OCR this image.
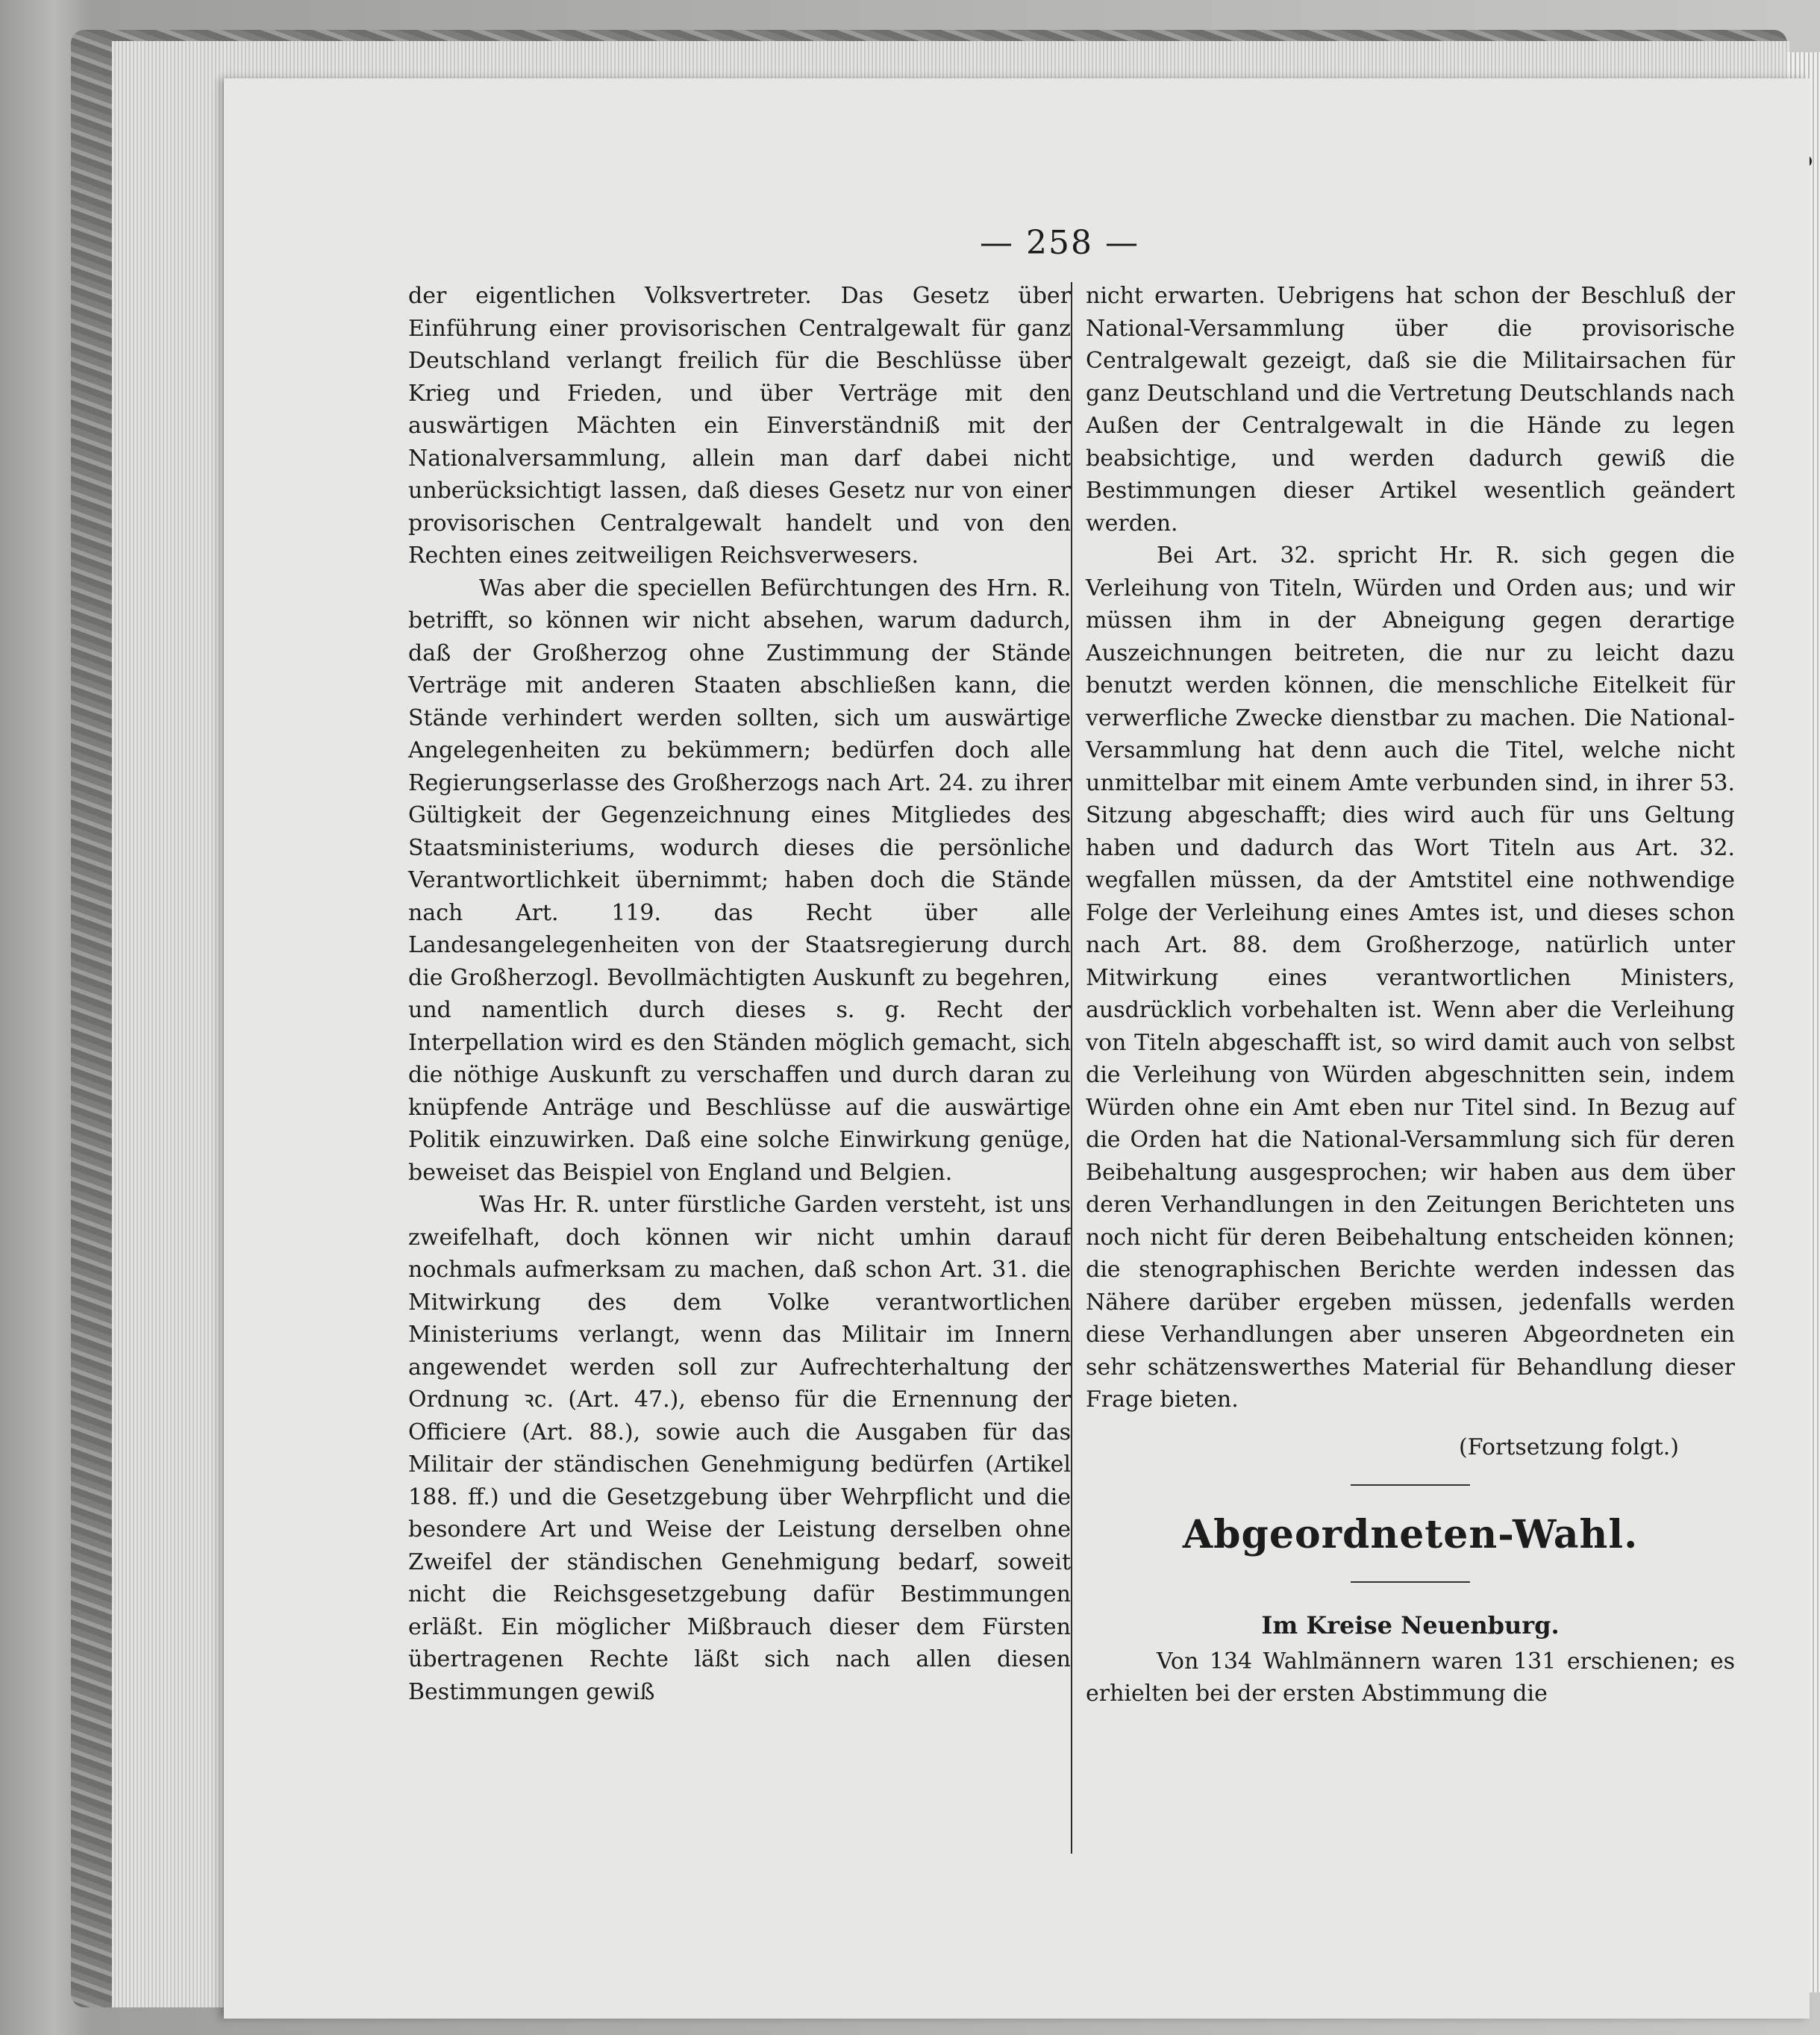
— 258 —

der eigentlichen Volksvertreter. Das Gesetz über Einführung einer provisorischen Centralgewalt für ganz Deutschland verlangt freilich für die Beschlüsse über Krieg und Frieden, und über Verträge mit den auswärtigen Mächten ein Einverständniß mit der Nationalversammlung, allein man darf dabei nicht unberücksichtigt lassen, daß dieses Gesetz nur von einer provisorischen Centralgewalt handelt und von den Rechten eines zeitweiligen Reichsverwesers.

Was aber die speciellen Befürchtungen des Hrn. R. betrifft, so können wir nicht absehen, warum dadurch, daß der Großherzog ohne Zustimmung der Stände Verträge mit anderen Staaten abschließen kann, die Stände verhindert werden sollten, sich um auswärtige Angelegenheiten zu bekümmern; bedürfen doch alle Regierungserlasse des Großherzogs nach Art. 24. zu ihrer Gültigkeit der Gegenzeichnung eines Mitgliedes des Staatsministeriums, wodurch dieses die persönliche Verantwortlichkeit übernimmt; haben doch die Stände nach Art. 119. das Recht über alle Landesangelegenheiten von der Staatsregierung durch die Großherzogl. Bevollmächtigten Auskunft zu begehren, und namentlich durch dieses s. g. Recht der Interpellation wird es den Ständen möglich gemacht, sich die nöthige Auskunft zu verschaffen und durch daran zu knüpfende Anträge und Beschlüsse auf die auswärtige Politik einzuwirken. Daß eine solche Einwirkung genüge, beweiset das Beispiel von England und Belgien.

Was Hr. R. unter fürstliche Garden versteht, ist uns zweifelhaft, doch können wir nicht umhin darauf nochmals aufmerksam zu machen, daß schon Art. 31. die Mitwirkung des dem Volke verantwortlichen Ministeriums verlangt, wenn das Militair im Innern angewendet werden soll zur Aufrechterhaltung der Ordnung ꝛc. (Art. 47.), ebenso für die Ernennung der Officiere (Art. 88.), sowie auch die Ausgaben für das Militair der ständischen Genehmigung bedürfen (Artikel 188. ff.) und die Gesetzgebung über Wehrpflicht und die besondere Art und Weise der Leistung derselben ohne Zweifel der ständischen Genehmigung bedarf, soweit nicht die Reichsgesetzgebung dafür Bestimmungen erläßt. Ein möglicher Mißbrauch dieser dem Fürsten übertragenen Rechte läßt sich nach allen diesen Bestimmungen gewiß

nicht erwarten. Uebrigens hat schon der Beschluß der National-Versammlung über die provisorische Centralgewalt gezeigt, daß sie die Militairsachen für ganz Deutschland und die Vertretung Deutschlands nach Außen der Centralgewalt in die Hände zu legen beabsichtige, und werden dadurch gewiß die Bestimmungen dieser Artikel wesentlich geändert werden.

Bei Art. 32. spricht Hr. R. sich gegen die Verleihung von Titeln, Würden und Orden aus; und wir müssen ihm in der Abneigung gegen derartige Auszeichnungen beitreten, die nur zu leicht dazu benutzt werden können, die menschliche Eitelkeit für verwerfliche Zwecke dienstbar zu machen. Die National-Versammlung hat denn auch die Titel, welche nicht unmittelbar mit einem Amte verbunden sind, in ihrer 53. Sitzung abgeschafft; dies wird auch für uns Geltung haben und dadurch das Wort Titeln aus Art. 32. wegfallen müssen, da der Amtstitel eine nothwendige Folge der Verleihung eines Amtes ist, und dieses schon nach Art. 88. dem Großherzoge, natürlich unter Mitwirkung eines verantwortlichen Ministers, ausdrücklich vorbehalten ist. Wenn aber die Verleihung von Titeln abgeschafft ist, so wird damit auch von selbst die Verleihung von Würden abgeschnitten sein, indem Würden ohne ein Amt eben nur Titel sind. In Bezug auf die Orden hat die National-Versammlung sich für deren Beibehaltung ausgesprochen; wir haben aus dem über deren Verhandlungen in den Zeitungen Berichteten uns noch nicht für deren Beibehaltung entscheiden können; die stenographischen Berichte werden indessen das Nähere darüber ergeben müssen, jedenfalls werden diese Verhandlungen aber unseren Abgeordneten ein sehr schätzenswerthes Material für Behandlung dieser Frage bieten.

(Fortsetzung folgt.)

Abgeordneten-Wahl.

Im Kreise Neuenburg.

Von 134 Wahlmännern waren 131 erschienen; es erhielten bei der ersten Abstimmung die
